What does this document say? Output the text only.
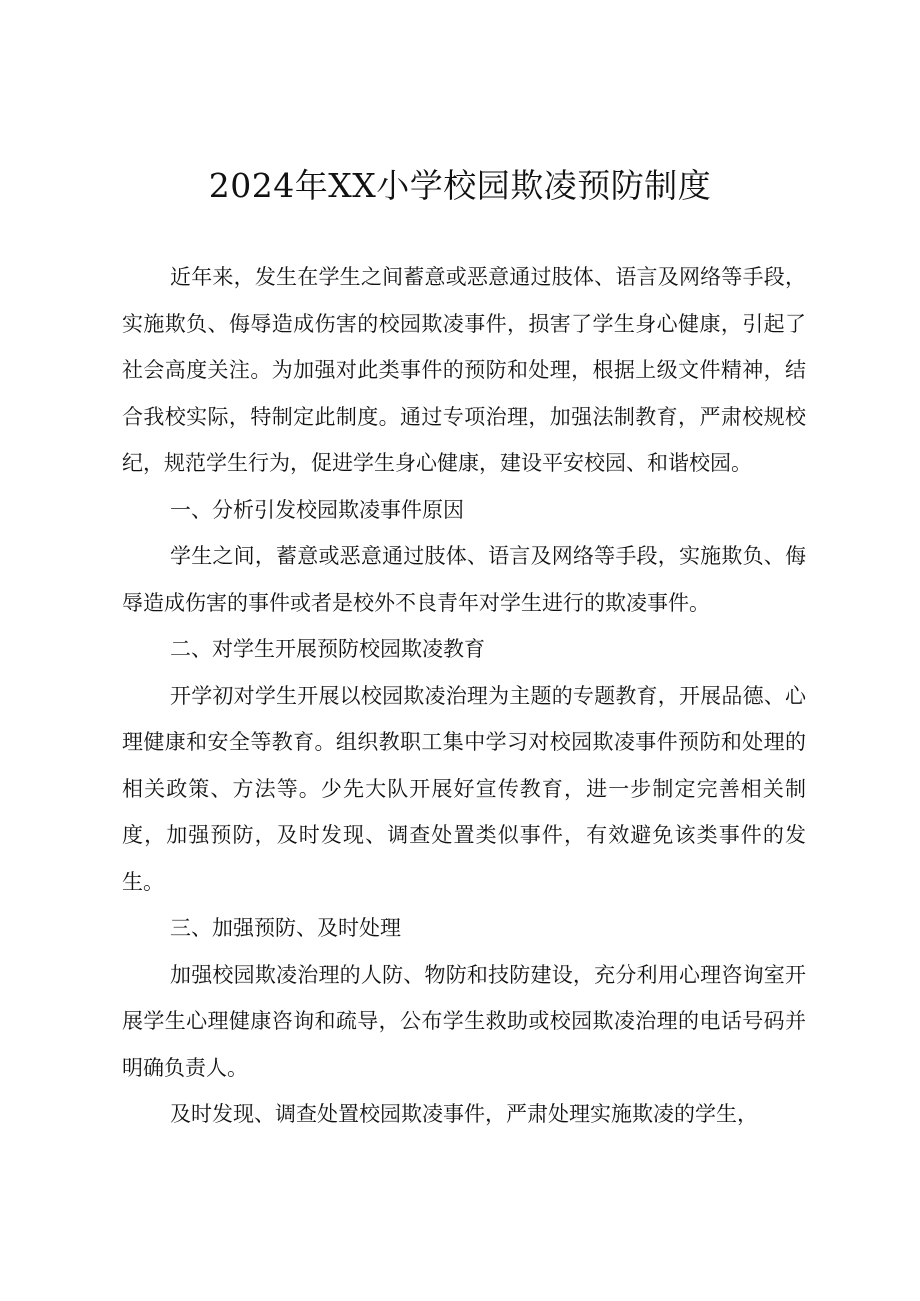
2024年XX小学校园欺凌预防制度

近年来，发生在学生之间蓄意或恶意通过肢体、语言及网络等手段，实施欺负、侮辱造成伤害的校园欺凌事件，损害了学生身心健康，引起了社会高度关注。为加强对此类事件的预防和处理，根据上级文件精神，结合我校实际，特制定此制度。通过专项治理，加强法制教育，严肃校规校纪，规范学生行为，促进学生身心健康，建设平安校园、和谐校园。

一、分析引发校园欺凌事件原因

学生之间，蓄意或恶意通过肢体、语言及网络等手段，实施欺负、侮辱造成伤害的事件或者是校外不良青年对学生进行的欺凌事件。

二、对学生开展预防校园欺凌教育

开学初对学生开展以校园欺凌治理为主题的专题教育，开展品德、心理健康和安全等教育。组织教职工集中学习对校园欺凌事件预防和处理的相关政策、方法等。少先大队开展好宣传教育，进一步制定完善相关制度，加强预防，及时发现、调查处置类似事件，有效避免该类事件的发生。

三、加强预防、及时处理

加强校园欺凌治理的人防、物防和技防建设，充分利用心理咨询室开展学生心理健康咨询和疏导，公布学生救助或校园欺凌治理的电话号码并明确负责人。

及时发现、调查处置校园欺凌事件，严肃处理实施欺凌的学生，
